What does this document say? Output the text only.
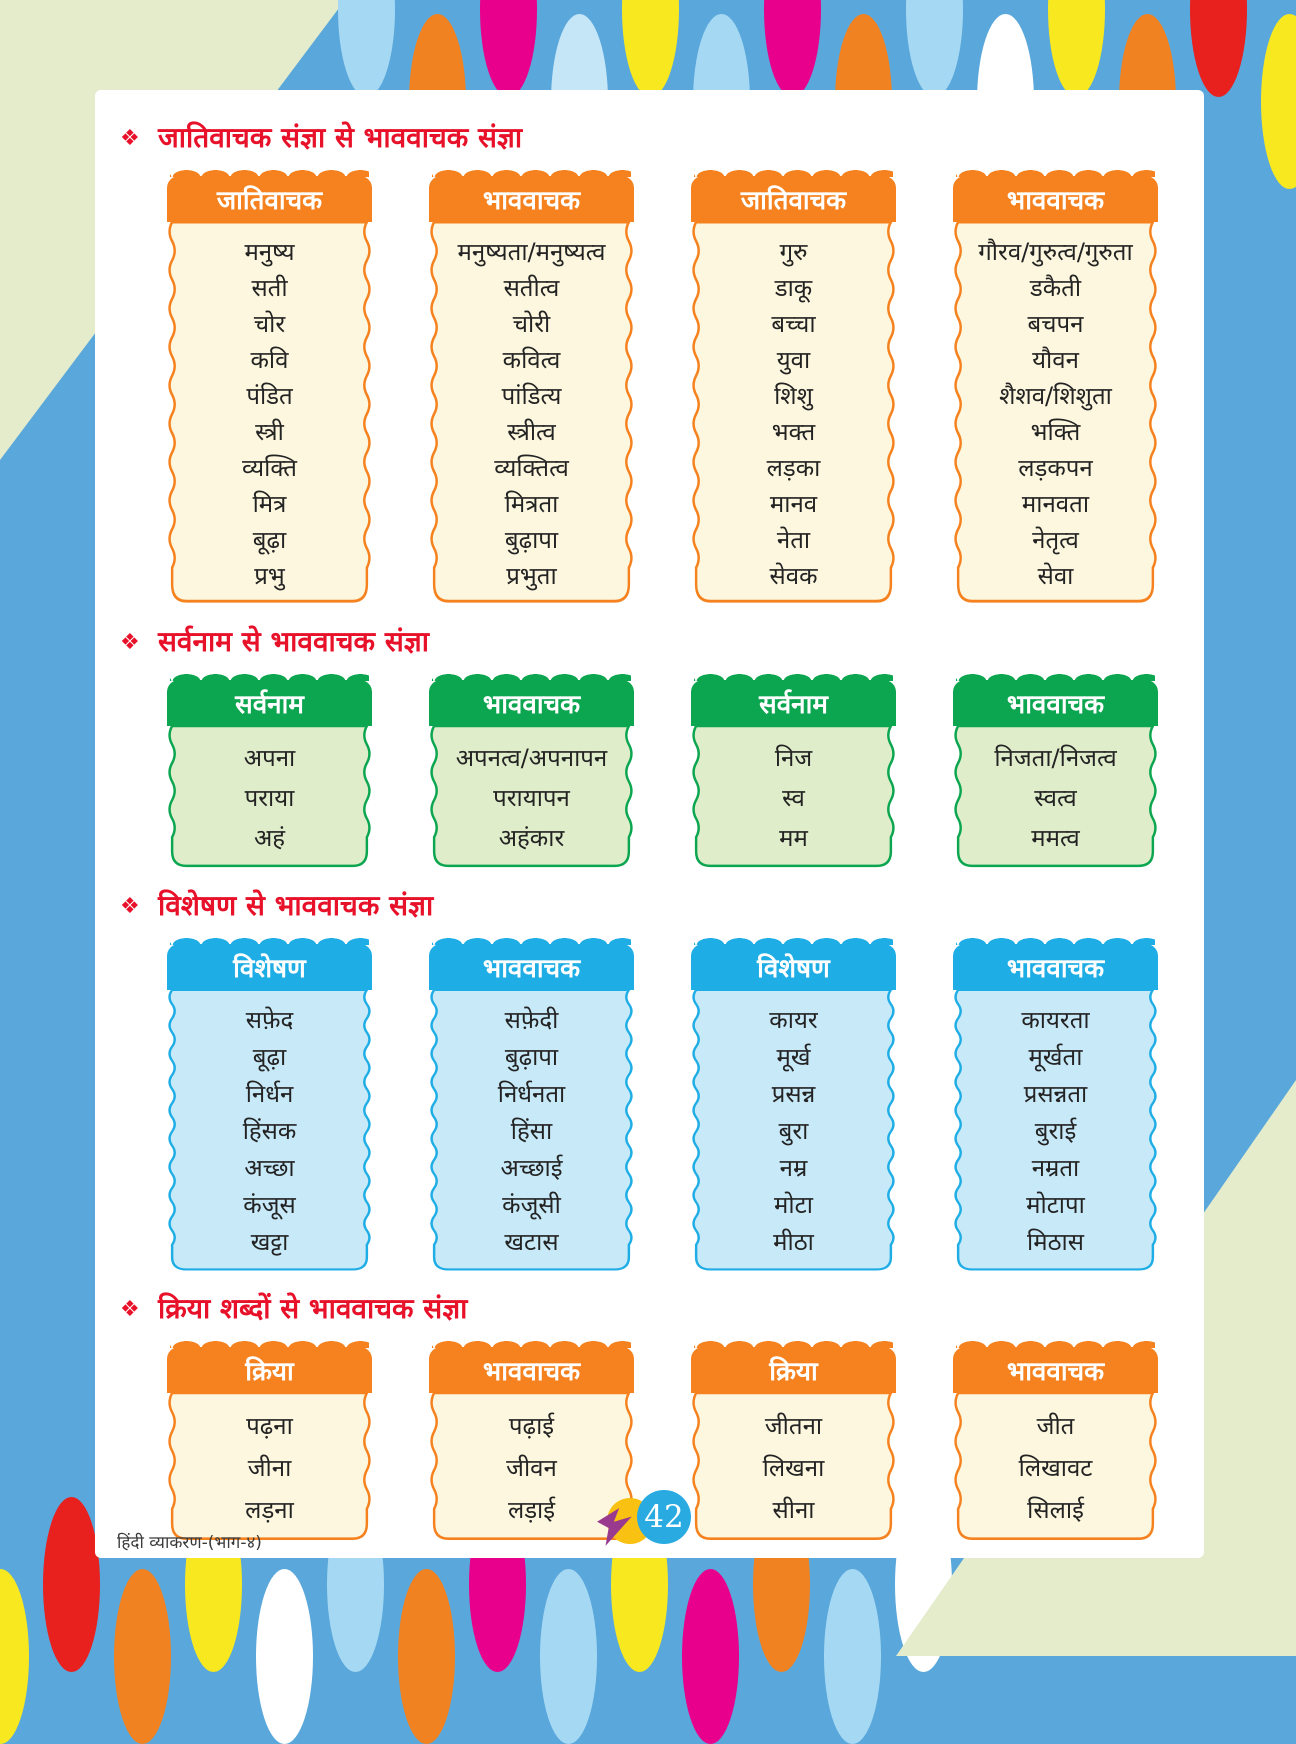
❖ जातिवाचक संज्ञा से भाववाचक संज्ञा
जातिवाचक
मनुष्य
सती
चोर
कवि
पंडित
स्त्री
व्यक्ति
मित्र
बूढ़ा
प्रभु
भाववाचक
मनुष्यता/मनुष्यत्व
सतीत्व
चोरी
कवित्व
पांडित्य
स्त्रीत्व
व्यक्तित्व
मित्रता
बुढ़ापा
प्रभुता
जातिवाचक
गुरु
डाकू
बच्चा
युवा
शिशु
भक्त
लड़का
मानव
नेता
सेवक
भाववाचक
गौरव/गुरुत्व/गुरुता
डकैती
बचपन
यौवन
शैशव/शिशुता
भक्ति
लड़कपन
मानवता
नेतृत्व
सेवा
❖ सर्वनाम से भाववाचक संज्ञा
सर्वनाम
अपना
पराया
अहं
भाववाचक
अपनत्व/अपनापन
परायापन
अहंकार
सर्वनाम
निज
स्व
मम
भाववाचक
निजता/निजत्व
स्वत्व
ममत्व
❖ विशेषण से भाववाचक संज्ञा
विशेषण
सफ़ेद
बूढ़ा
निर्धन
हिंसक
अच्छा
कंजूस
खट्टा
भाववाचक
सफ़ेदी
बुढ़ापा
निर्धनता
हिंसा
अच्छाई
कंजूसी
खटास
विशेषण
कायर
मूर्ख
प्रसन्न
बुरा
नम्र
मोटा
मीठा
भाववाचक
कायरता
मूर्खता
प्रसन्नता
बुराई
नम्रता
मोटापा
मिठास
❖ क्रिया शब्दों से भाववाचक संज्ञा
क्रिया
पढ़ना
जीना
लड़ना
भाववाचक
पढ़ाई
जीवन
लड़ाई
क्रिया
जीतना
लिखना
सीना
भाववाचक
जीत
लिखावट
सिलाई
हिंदी व्याकरण-(भाग-४)
42
